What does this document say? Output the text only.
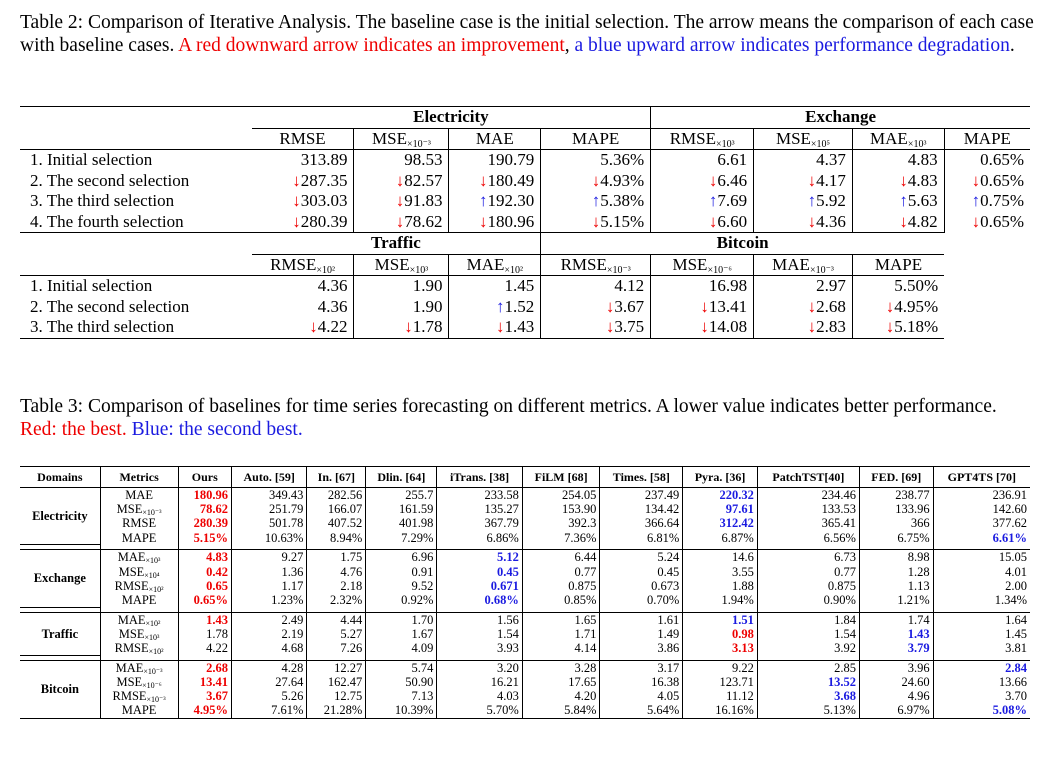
Table 2: Comparison of Iterative Analysis. The baseline case is the initial selection. The arrow means the comparison of each case with baseline cases. A red downward arrow indicates an improvement, a blue upward arrow indicates performance degradation.
	Electricity				Exchange			
	RMSE	$MSE_{\times 10^{-3}}$	MAE	MAPE	$RMSE_{\times 10^3}$	$MSE_{\times 10^5}$	$MAE_{\times 10^3}$	MAPE
1. Initial selection	313.89	98.53	190.79	5.36%	6.61	4.37	4.83	0.65%
2. The second selection	↓287.35	↓82.57	↓180.49	↓4.93%	↓6.46	↓4.17	↓4.83	↓0.65%
3. The third selection	↓303.03	↓91.83	↑192.30	↑5.38%	↑7.69	↑5.92	↑5.63	↑0.75%
4. The fourth selection	↓280.39	↓78.62	↓180.96	↓5.15%	↓6.60	↓4.36	↓4.82	↓0.65%
	Traffic			Bitcoin				
	$RMSE_{\times 10^2}$	$MSE_{\times 10^3}$	$MAE_{\times 10^2}$	$RMSE_{\times 10^{-3}}$	$MSE_{\times 10^{-6}}$	$MAE_{\times 10^{-3}}$	MAPE	
1. Initial selection	4.36	1.90	1.45	4.12	16.98	2.97	5.50%	
2. The second selection	4.36	1.90	↑1.52	↓3.67	↓13.41	↓2.68	↓4.95%	
3. The third selection	↓4.22	↓1.78	↓1.43	↓3.75	↓14.08	↓2.83	↓5.18%	
Table 3: Comparison of baselines for time series forecasting on different metrics. A lower value indicates better performance. Red: the best. Blue: the second best.
Domains	Metrics	Ours	Auto. [59]	In. [67]	Dlin. [64]	iTrans. [38]	FiLM [68]	Times. [58]	Pyra. [36]	PatchTST[40]	FED. [69]	GPT4TS [70]
Electricity	MAE	180.96	349.43	282.56	255.7	233.58	254.05	237.49	220.32	234.46	238.77	236.91
	$MSE_{\times 10^{-3}}$	78.62	251.79	166.07	161.59	135.27	153.90	134.42	97.61	133.53	133.96	142.60
	RMSE	280.39	501.78	407.52	401.98	367.79	392.3	366.64	312.42	365.41	366	377.62
	MAPE	5.15%	10.63%	8.94%	7.29%	6.86%	7.36%	6.81%	6.87%	6.56%	6.75%	6.61%

Exchange	$MAE_{\times 10^3}$	4.83	9.27	1.75	6.96	5.12	6.44	5.24	14.6	6.73	8.98	15.05
	$MSE_{\times 10^4}$	0.42	1.36	4.76	0.91	0.45	0.77	0.45	3.55	0.77	1.28	4.01
	$RMSE_{\times 10^2}$	0.65	1.17	2.18	9.52	0.671	0.875	0.673	1.88	0.875	1.13	2.00
	MAPE	0.65%	1.23%	2.32%	0.92%	0.68%	0.85%	0.70%	1.94%	0.90%	1.21%	1.34%

Traffic	$MAE_{\times 10^2}$	1.43	2.49	4.44	1.70	1.56	1.65	1.61	1.51	1.84	1.74	1.64
	$MSE_{\times 10^3}$	1.78	2.19	5.27	1.67	1.54	1.71	1.49	0.98	1.54	1.43	1.45
	$RMSE_{\times 10^2}$	4.22	4.68	7.26	4.09	3.93	4.14	3.86	3.13	3.92	3.79	3.81

Bitcoin	$MAE_{\times 10^{-3}}$	2.68	4.28	12.27	5.74	3.20	3.28	3.17	9.22	2.85	3.96	2.84
	$MSE_{\times 10^{-6}}$	13.41	27.64	162.47	50.90	16.21	17.65	16.38	123.71	13.52	24.60	13.66
	$RMSE_{\times 10^{-3}}$	3.67	5.26	12.75	7.13	4.03	4.20	4.05	11.12	3.68	4.96	3.70
	MAPE	4.95%	7.61%	21.28%	10.39%	5.70%	5.84%	5.64%	16.16%	5.13%	6.97%	5.08%
